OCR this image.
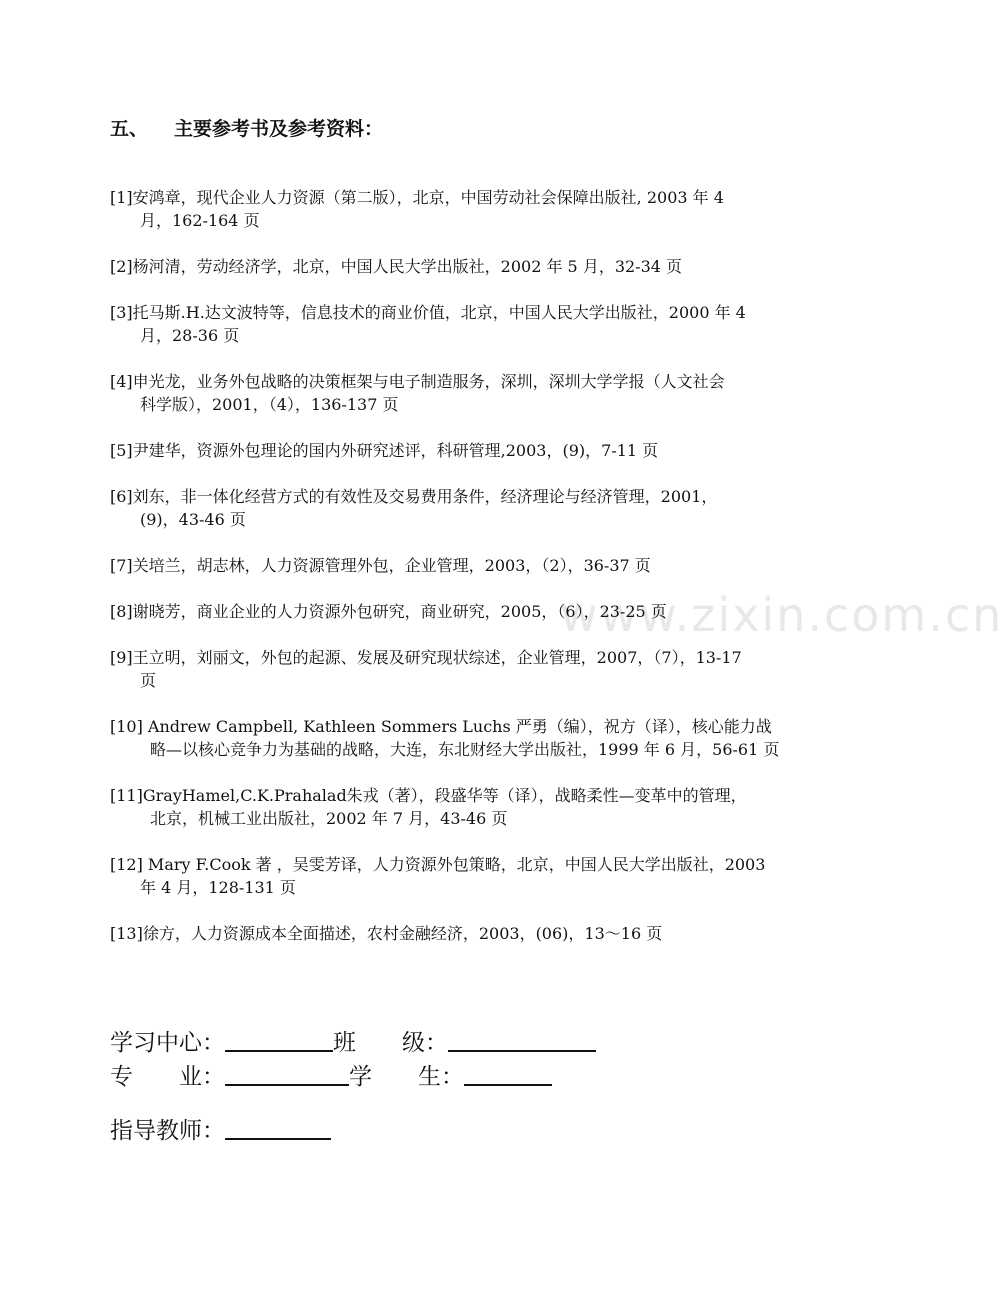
www.zixin.com.cn
五、 主要参考书及参考资料：
[1]安鸿章，现代企业人力资源（第二版），北京，中国劳动社会保障出版社, 2003 年 4
月，162-164 页
[2]杨河清，劳动经济学，北京，中国人民大学出版社，2002 年 5 月，32-34 页
[3]托马斯.H.达文波特等，信息技术的商业价值，北京，中国人民大学出版社，2000 年 4
月，28-36 页
[4]申光龙，业务外包战略的决策框架与电子制造服务，深圳，深圳大学学报（人文社会
科学版），2001，（4），136-137 页
[5]尹建华，资源外包理论的国内外研究述评，科研管理,2003，(9)，7-11 页
[6]刘东，非一体化经营方式的有效性及交易费用条件，经济理论与经济管理，2001，
(9)，43-46 页
[7]关培兰，胡志林，人力资源管理外包，企业管理，2003，（2），36-37 页
[8]谢晓芳，商业企业的人力资源外包研究，商业研究，2005，（6），23-25 页
[9]王立明，刘丽文，外包的起源、发展及研究现状综述，企业管理，2007，（7），13-17
页
[10] Andrew Campbell, Kathleen Sommers Luchs 严勇（编），祝方（译），核心能力战
略—以核心竞争力为基础的战略，大连，东北财经大学出版社，1999 年 6 月，56-61 页
[11]GrayHamel,C.K.Prahalad朱戎（著），段盛华等（译），战略柔性—变革中的管理，
北京，机械工业出版社，2002 年 7 月，43-46 页
[12] Mary F.Cook 著 ，吴雯芳译，人力资源外包策略，北京，中国人民大学出版社，2003
年 4 月，128-131 页
[13]徐方，人力资源成本全面描述，农村金融经济，2003，(06)，13～16 页
学习中心：	班　　级：
专　　业：	学　　生：
指导教师：
